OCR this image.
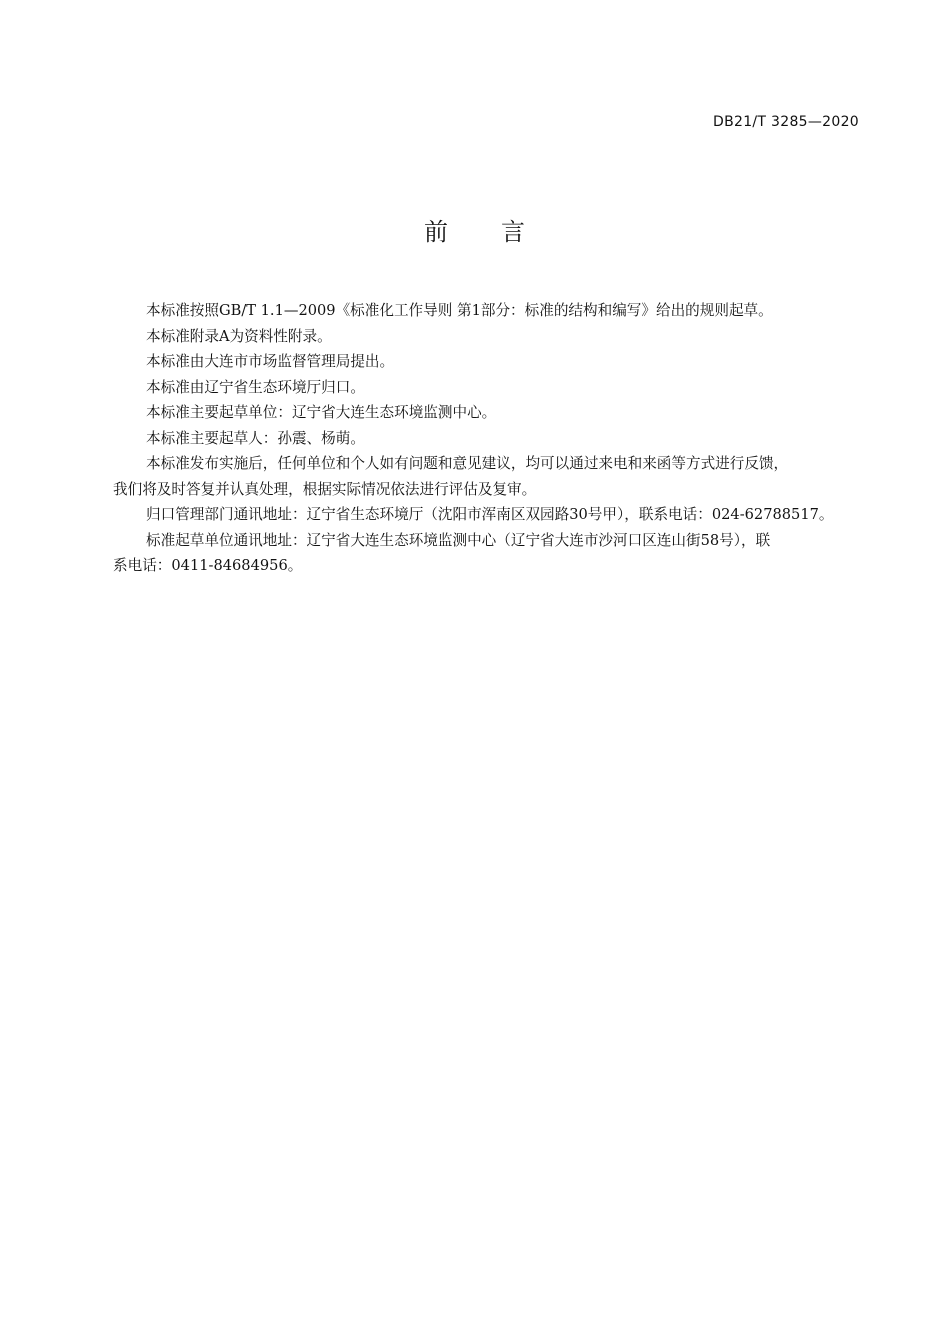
DB21/T 3285—2020
前 言

本标准按照GB/T 1.1—2009《标准化工作导则 第1部分：标准的结构和编写》给出的规则起草。

本标准附录A为资料性附录。

本标准由大连市市场监督管理局提出。

本标准由辽宁省生态环境厅归口。

本标准主要起草单位：辽宁省大连生态环境监测中心。

本标准主要起草人：孙震、杨萌。

本标准发布实施后，任何单位和个人如有问题和意见建议，均可以通过来电和来函等方式进行反馈，

我们将及时答复并认真处理，根据实际情况依法进行评估及复审。

归口管理部门通讯地址：辽宁省生态环境厅（沈阳市浑南区双园路30号甲），联系电话：024-62788517。

标准起草单位通讯地址：辽宁省大连生态环境监测中心（辽宁省大连市沙河口区连山街58号），联

系电话：0411-84684956。
